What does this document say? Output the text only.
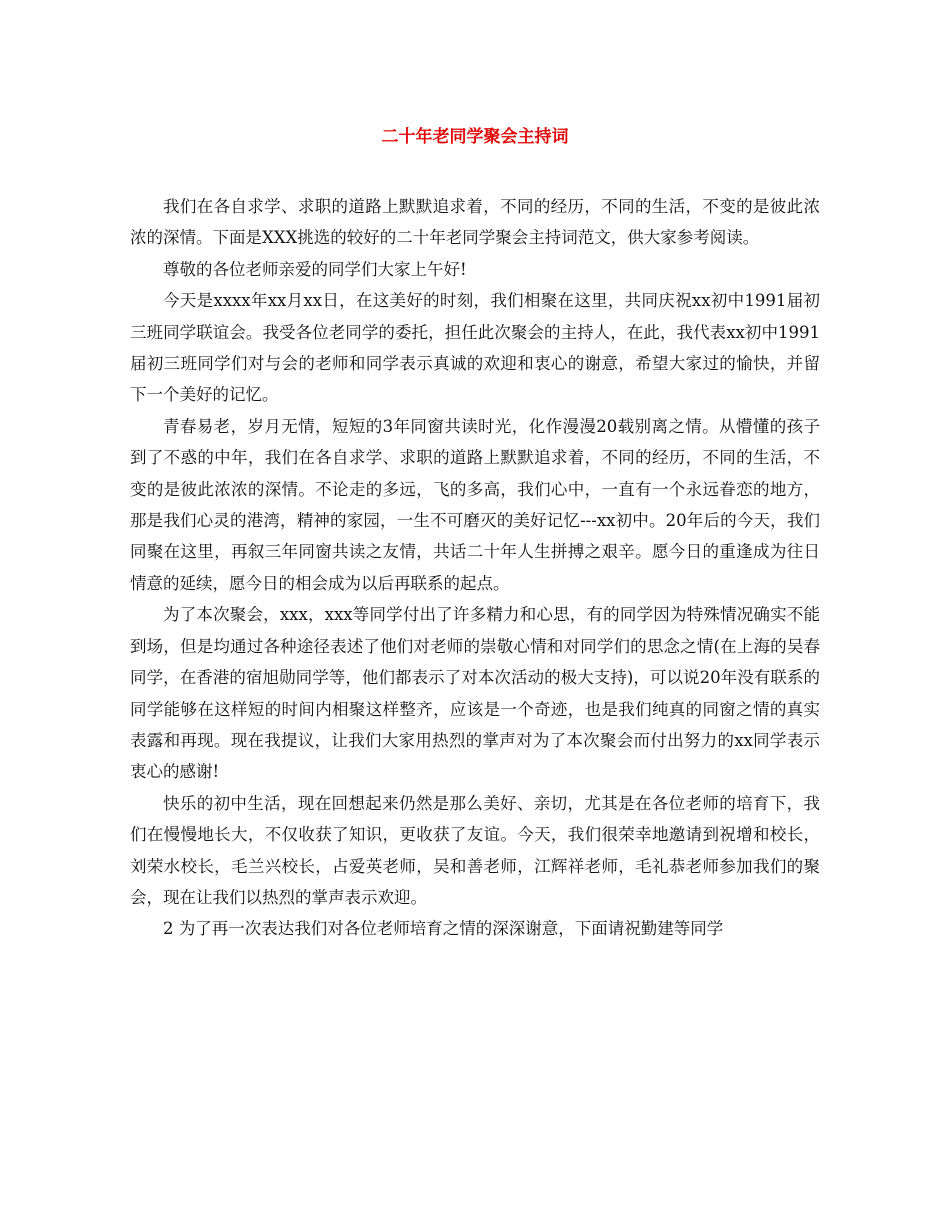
二十年老同学聚会主持词

我们在各自求学、求职的道路上默默追求着，不同的经历，不同的生活，不变的是彼此浓浓的深情。下面是XXX挑选的较好的二十年老同学聚会主持词范文，供大家参考阅读。

尊敬的各位老师亲爱的同学们大家上午好!

今天是xxxx年xx月xx日，在这美好的时刻，我们相聚在这里，共同庆祝xx初中1991届初三班同学联谊会。我受各位老同学的委托，担任此次聚会的主持人，在此，我代表xx初中1991届初三班同学们对与会的老师和同学表示真诚的欢迎和衷心的谢意，希望大家过的愉快，并留下一个美好的记忆。

青春易老，岁月无情，短短的3年同窗共读时光，化作漫漫20载别离之情。从懵懂的孩子到了不惑的中年，我们在各自求学、求职的道路上默默追求着，不同的经历，不同的生活，不变的是彼此浓浓的深情。不论走的多远，飞的多高，我们心中，一直有一个永远眷恋的地方，那是我们心灵的港湾，精神的家园，一生不可磨灭的美好记忆---xx初中。20年后的今天，我们同聚在这里，再叙三年同窗共读之友情，共话二十年人生拼搏之艰辛。愿今日的重逢成为往日情意的延续，愿今日的相会成为以后再联系的起点。

为了本次聚会，xxx，xxx等同学付出了许多精力和心思，有的同学因为特殊情况确实不能到场，但是均通过各种途径表述了他们对老师的崇敬心情和对同学们的思念之情(在上海的吴春同学，在香港的宿旭勋同学等，他们都表示了对本次活动的极大支持)，可以说20年没有联系的同学能够在这样短的时间内相聚这样整齐，应该是一个奇迹，也是我们纯真的同窗之情的真实表露和再现。现在我提议，让我们大家用热烈的掌声对为了本次聚会而付出努力的xx同学表示衷心的感谢!

快乐的初中生活，现在回想起来仍然是那么美好、亲切，尤其是在各位老师的培育下，我们在慢慢地长大，不仅收获了知识，更收获了友谊。今天，我们很荣幸地邀请到祝增和校长，刘荣水校长，毛兰兴校长，占爱英老师，吴和善老师，江辉祥老师，毛礼恭老师参加我们的聚会，现在让我们以热烈的掌声表示欢迎。

2 为了再一次表达我们对各位老师培育之情的深深谢意，下面请祝勤建等同学
